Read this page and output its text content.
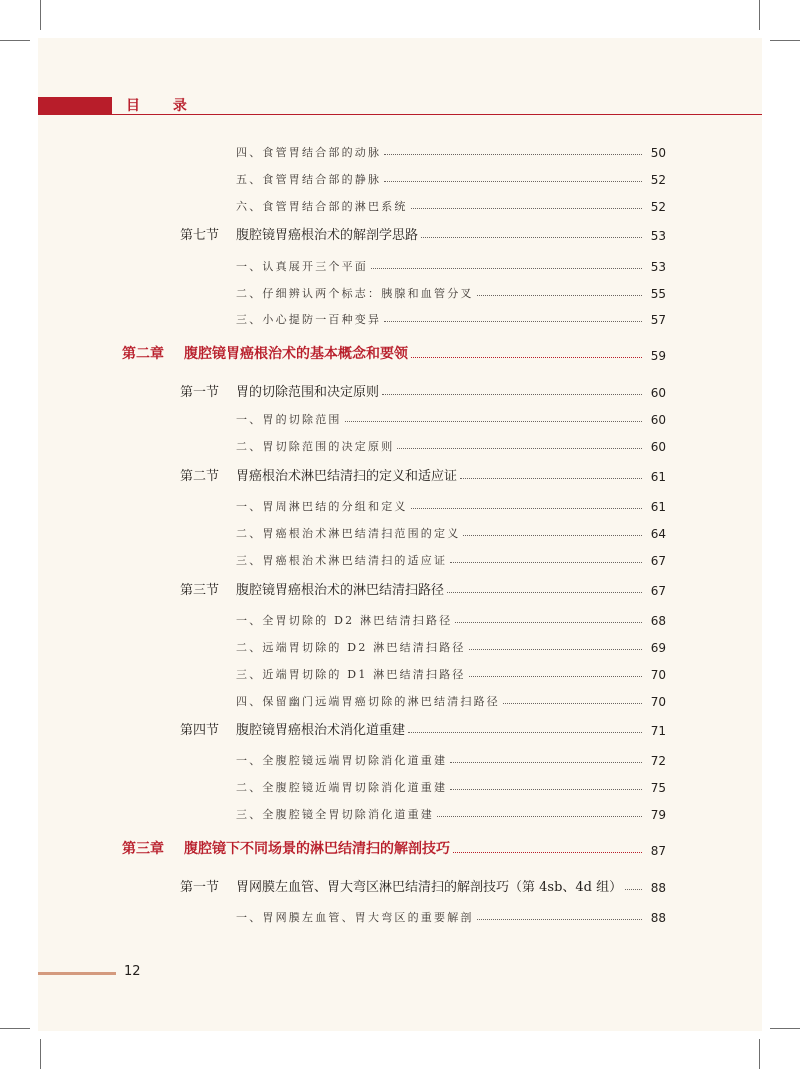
目 录
四、食管胃结合部的动脉	50
五、食管胃结合部的静脉	52
六、食管胃结合部的淋巴系统	52
第七节 腹腔镜胃癌根治术的解剖学思路	53
一、认真展开三个平面	53
二、仔细辨认两个标志：胰腺和血管分叉	55
三、小心提防一百种变异	57
第二章 腹腔镜胃癌根治术的基本概念和要领	59
第一节 胃的切除范围和决定原则	60
一、胃的切除范围	60
二、胃切除范围的决定原则	60
第二节 胃癌根治术淋巴结清扫的定义和适应证	61
一、胃周淋巴结的分组和定义	61
二、胃癌根治术淋巴结清扫范围的定义	64
三、胃癌根治术淋巴结清扫的适应证	67
第三节 腹腔镜胃癌根治术的淋巴结清扫路径	67
一、全胃切除的 D2 淋巴结清扫路径	68
二、远端胃切除的 D2 淋巴结清扫路径	69
三、近端胃切除的 D1 淋巴结清扫路径	70
四、保留幽门远端胃癌切除的淋巴结清扫路径	70
第四节 腹腔镜胃癌根治术消化道重建	71
一、全腹腔镜远端胃切除消化道重建	72
二、全腹腔镜近端胃切除消化道重建	75
三、全腹腔镜全胃切除消化道重建	79
第三章 腹腔镜下不同场景的淋巴结清扫的解剖技巧	87
第一节 胃网膜左血管、胃大弯区淋巴结清扫的解剖技巧（第 4sb、4d 组）	88
一、胃网膜左血管、胃大弯区的重要解剖	88
12
